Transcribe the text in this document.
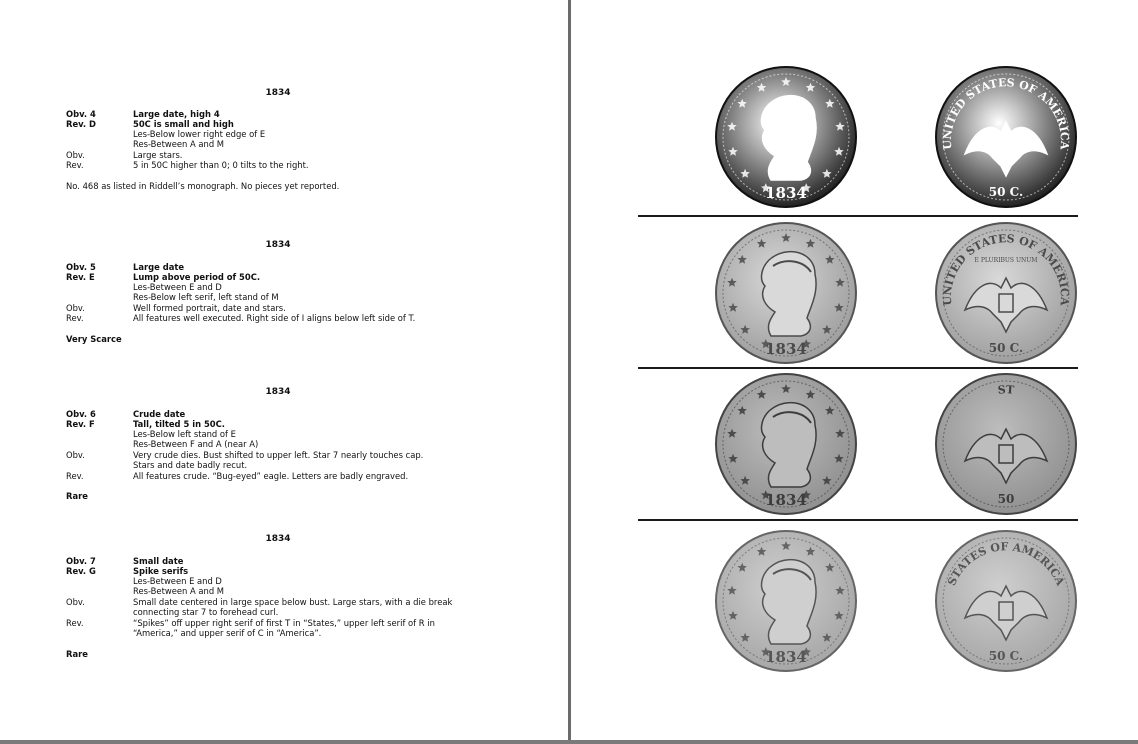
1834
Obv. 4	Large date, high 4
Rev. D	50C is small and high
Les-Below lower right edge of E
Res-Between A and M
Obv.	Large stars.
Rev.	5 in 50C higher than 0; 0 tilts to the right.
No. 468 as listed in Riddell’s monograph. No pieces yet reported.
1834
Obv. 5	Large date
Rev. E	Lump above period of 50C.
Les-Between E and D
Res-Below left serif, left stand of M
Obv.	Well formed portrait, date and stars.
Rev.	All features well executed. Right side of I aligns below left side of T.
Very Scarce
1834
Obv. 6	Crude date
Rev. F	Tall, tilted 5 in 50C.
Les-Below left stand of E
Res-Between F and A (near A)
Obv.	Very crude dies. Bust shifted to upper left. Star 7 nearly touches cap.
Stars and date badly recut.
Rev.	All features crude. “Bug-eyed” eagle. Letters are badly engraved.
Rare
1834
Obv. 7	Small date
Rev. G	Spike serifs
Les-Between E and D
Res-Between A and M
Obv.	Small date centered in large space below bust. Large stars, with a die break
connecting star 7 to forehead curl.
Rev.	“Spikes” off upper right serif of first T in “States,” upper left serif of R in
“America,” and upper serif of C in “America”.
Rare
1834
UNITED STATES OF AMERICA
50 C.
1834
UNITED STATES OF AMERICA
E PLURIBUS UNUM
50 C.
1834
ST
50
1834
STATES OF AMERICA
50 C.
